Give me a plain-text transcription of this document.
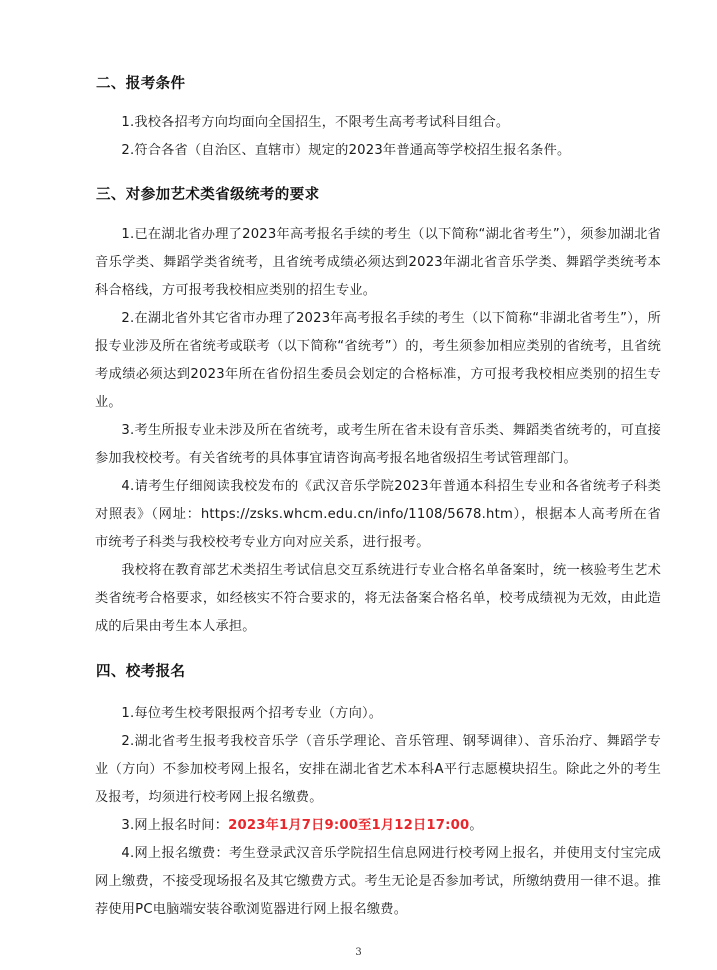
二、报考条件
1.我校各招考方向均面向全国招生，不限考生高考考试科目组合。
2.符合各省（自治区、直辖市）规定的2023年普通高等学校招生报名条件。
三、对参加艺术类省级统考的要求
1.已在湖北省办理了2023年高考报名手续的考生（以下简称“湖北省考生”），须参加湖北省音乐学类、舞蹈学类省统考，且省统考成绩必须达到2023年湖北省音乐学类、舞蹈学类统考本科合格线，方可报考我校相应类别的招生专业。
2.在湖北省外其它省市办理了2023年高考报名手续的考生（以下简称“非湖北省考生”），所报专业涉及所在省统考或联考（以下简称“省统考”）的，考生须参加相应类别的省统考，且省统考成绩必须达到2023年所在省份招生委员会划定的合格标准，方可报考我校相应类别的招生专业。
3.考生所报专业未涉及所在省统考，或考生所在省未设有音乐类、舞蹈类省统考的，可直接参加我校校考。有关省统考的具体事宜请咨询高考报名地省级招生考试管理部门。
4.请考生仔细阅读我校发布的《武汉音乐学院2023年普通本科招生专业和各省统考子科类对照表》（网址：https://zsks.whcm.edu.cn/info/1108/5678.htm），根据本人高考所在省市统考子科类与我校校考专业方向对应关系，进行报考。
我校将在教育部艺术类招生考试信息交互系统进行专业合格名单备案时，统一核验考生艺术类省统考合格要求，如经核实不符合要求的，将无法备案合格名单，校考成绩视为无效，由此造成的后果由考生本人承担。
四、校考报名
1.每位考生校考限报两个招考专业（方向）。
2.湖北省考生报考我校音乐学（音乐学理论、音乐管理、钢琴调律）、音乐治疗、舞蹈学专业（方向）不参加校考网上报名，安排在湖北省艺术本科A平行志愿模块招生。除此之外的考生及报考，均须进行校考网上报名缴费。
3.网上报名时间：2023年1月7日9:00至1月12日17:00。
4.网上报名缴费：考生登录武汉音乐学院招生信息网进行校考网上报名，并使用支付宝完成网上缴费，不接受现场报名及其它缴费方式。考生无论是否参加考试，所缴纳费用一律不退。推荐使用PC电脑端安装谷歌浏览器进行网上报名缴费。
3
